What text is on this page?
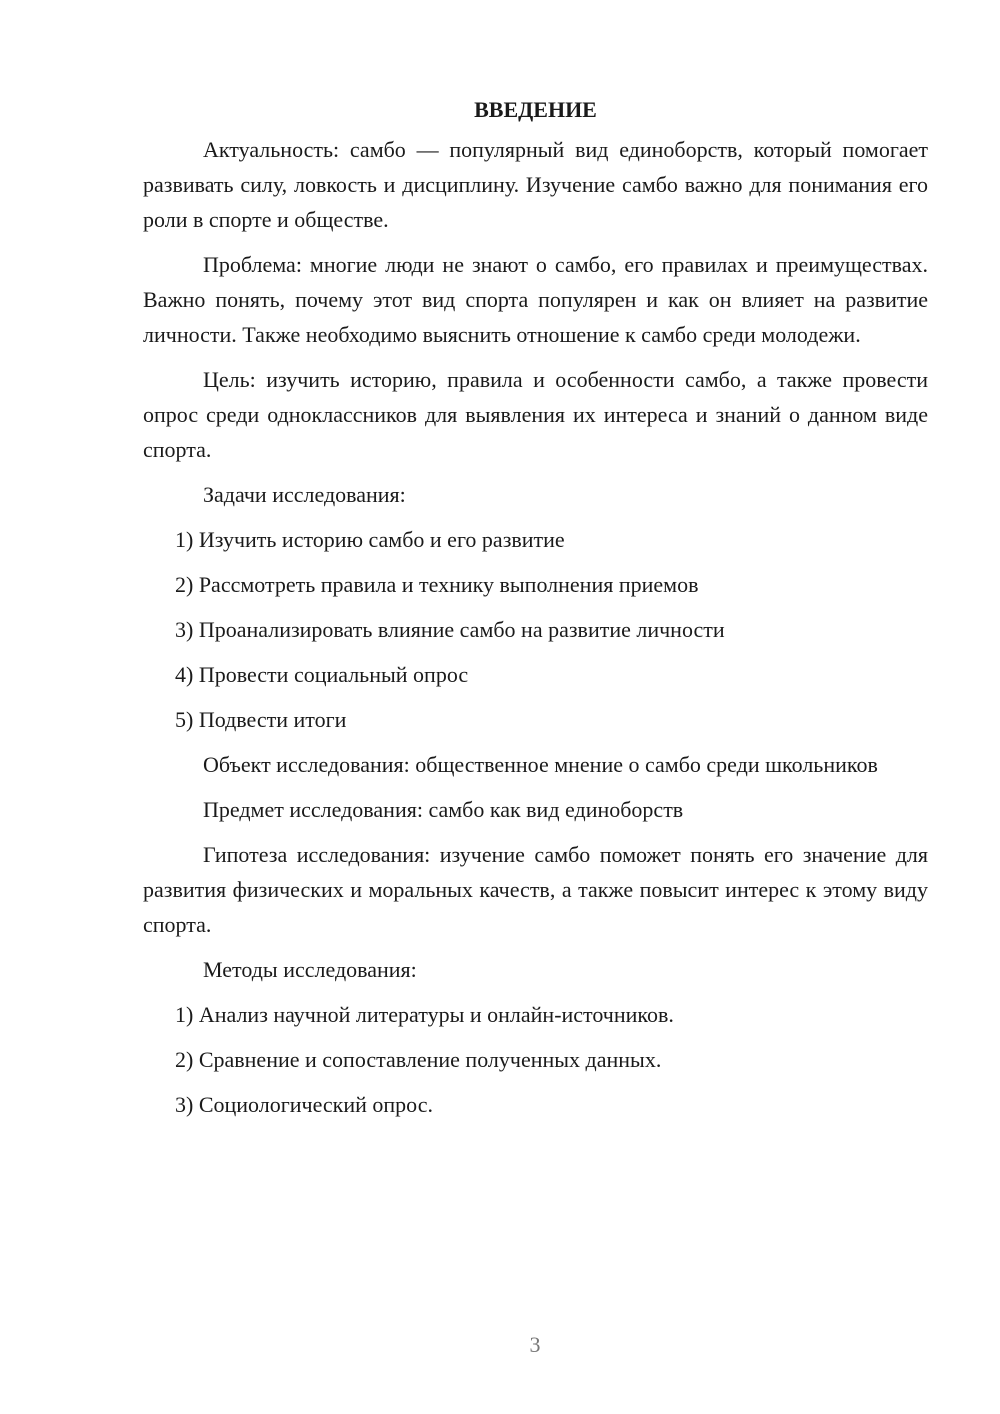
ВВЕДЕНИЕ

Актуальность: самбо — популярный вид единоборств, который помогает развивать силу, ловкость и дисциплину. Изучение самбо важно для понимания его роли в спорте и обществе.

Проблема: многие люди не знают о самбо, его правилах и преимуществах. Важно понять, почему этот вид спорта популярен и как он влияет на развитие личности. Также необходимо выяснить отношение к самбо среди молодежи.

Цель: изучить историю, правила и особенности самбо, а также провести опрос среди одноклассников для выявления их интереса и знаний о данном виде спорта.

Задачи исследования:

1) Изучить историю самбо и его развитие
2) Рассмотреть правила и технику выполнения приемов
3) Проанализировать влияние самбо на развитие личности
4) Провести социальный опрос
5) Подвести итоги

Объект исследования: общественное мнение о самбо среди школьников

Предмет исследования: самбо как вид единоборств

Гипотеза исследования: изучение самбо поможет понять его значение для развития физических и моральных качеств, а также повысит интерес к этому виду спорта.

Методы исследования:

1) Анализ научной литературы и онлайн-источников.
2) Сравнение и сопоставление полученных данных.
3) Социологический опрос.
3
